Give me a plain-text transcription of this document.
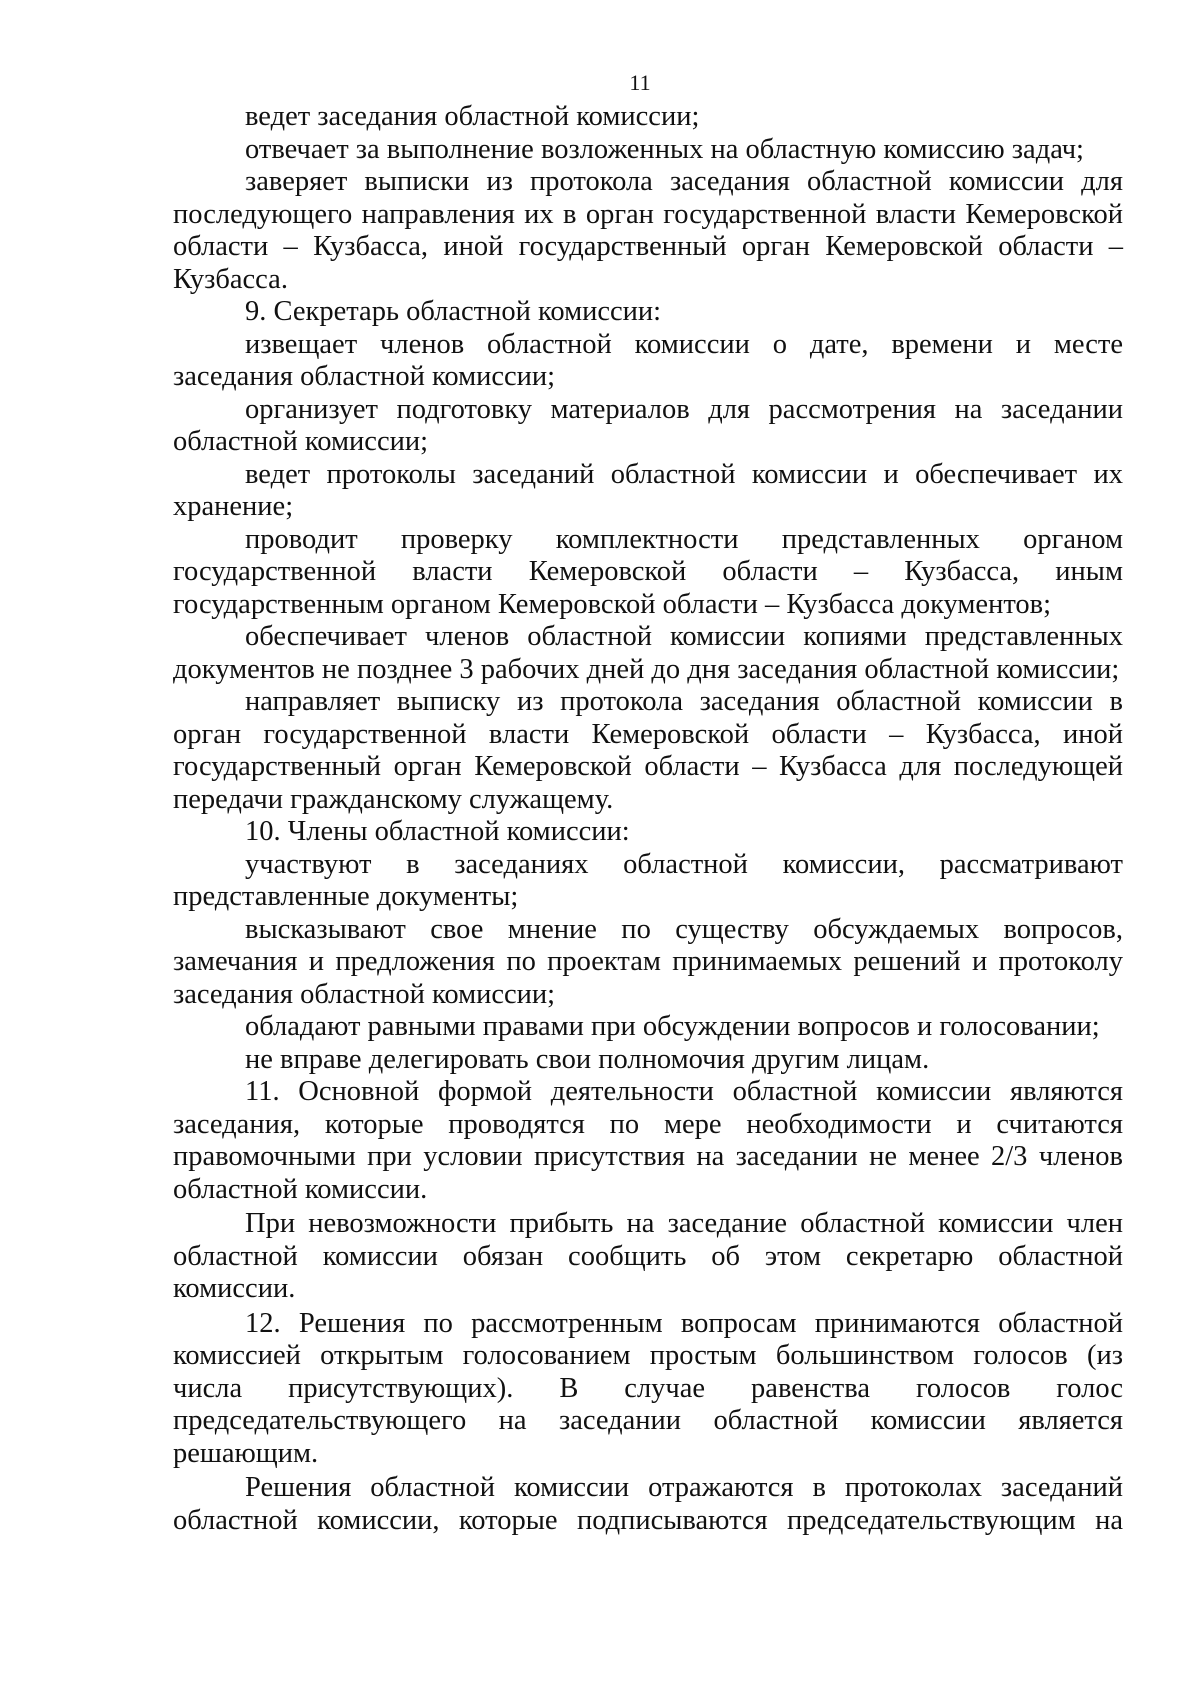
11

ведет заседания областной комиссии;

отвечает за выполнение возложенных на областную комиссию задач;

заверяет выписки из протокола заседания областной комиссии для последующего направления их в орган государственной власти Кемеровской области – Кузбасса, иной государственный орган Кемеровской области – Кузбасса.

9. Секретарь областной комиссии:

извещает членов областной комиссии о дате, времени и месте заседания областной комиссии;

организует подготовку материалов для рассмотрения на заседании областной комиссии;

ведет протоколы заседаний областной комиссии и обеспечивает их хранение;

проводит проверку комплектности представленных органом государственной власти Кемеровской области – Кузбасса, иным государственным органом Кемеровской области – Кузбасса документов;

обеспечивает членов областной комиссии копиями представленных документов не позднее 3 рабочих дней до дня заседания областной комиссии;

направляет выписку из протокола заседания областной комиссии в орган государственной власти Кемеровской области – Кузбасса, иной государственный орган Кемеровской области – Кузбасса для последующей передачи гражданскому служащему.

10. Члены областной комиссии:

участвуют в заседаниях областной комиссии, рассматривают представленные документы;

высказывают свое мнение по существу обсуждаемых вопросов, замечания и предложения по проектам принимаемых решений и протоколу заседания областной комиссии;

обладают равными правами при обсуждении вопросов и голосовании;

не вправе делегировать свои полномочия другим лицам.

11. Основной формой деятельности областной комиссии являются заседания, которые проводятся по мере необходимости и считаются правомочными при условии присутствия на заседании не менее 2/3 членов областной комиссии.

При невозможности прибыть на заседание областной комиссии член областной комиссии обязан сообщить об этом секретарю областной комиссии.

12. Решения по рассмотренным вопросам принимаются областной комиссией открытым голосованием простым большинством голосов (из числа присутствующих). В случае равенства голосов голос председательствующего на заседании областной комиссии является решающим.

Решения областной комиссии отражаются в протоколах заседаний областной комиссии, которые подписываются председательствующим на
